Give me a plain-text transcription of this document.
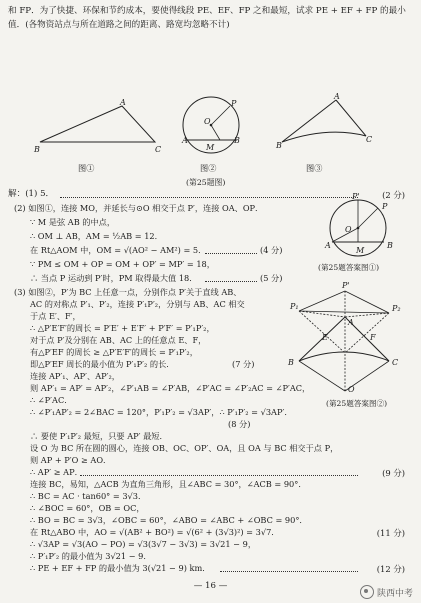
和 FP．为了快捷、环保和节约成本，要使得线段 PE、EF、FP 之和最短，试求 PE + EF + FP 的最小
值．(各物资站点与所在道路之间的距离、路宽均忽略不计)
B
A
C
图①
O
P
A	B
M
图②
A
B
C
图③
(第25题图)
解：(1) 5．	(2 分)
(2) 如图①，连接 MO，并延长与⊙O 相交于点 P′，连接 OA、OP．
∵ M 是弦 AB 的中点，
∴ OM ⊥ AB，AM = ½AB = 12．
在 Rt△AOM 中，OM = √(AO² − AM²) = 5．	(4 分)
∵ PM ≤ OM + OP = OM + OP′ = MP′ = 18，
∴ 当点 P 运动到 P′时，PM 取得最大值 18．	(5 分)
P'
P
O
A	B
M
(第25题答案图①)
(3) 如图②，P′为 BC 上任意一点，分别作点 P′关于直线 AB、
AC 的对称点 P′₁、P′₂，连接 P′₁P′₂，分别与 AB、AC 相交
于点 E′、F′，
∴ △P′E′F′的周长 = P′E′ + E′F′ + P′F′ = P′₁P′₂，
对于点 P′及分别在 AB、AC 上的任意点 E、F，
有△P′EF 的周长 ≥ △P′E′F′的周长 = P′₁P′₂，
即△P′EF 周长的最小值为 P′₁P′₂ 的长．	(7 分)
连接 AP′₁、AP′、AP′₂，
则 AP′₁ = AP′ = AP′₂，∠P′₁AB = ∠P′AB，∠P′AC = ∠P′₂AC = ∠P′AC，
∴ ∠P′AC．
∴ ∠P′₁AP′₂ = 2∠BAC = 120°，P′₁P′₂ = √3AP′，∴ P′₁P′₂ = √3AP′．
(8 分)
P'
P₁	P₂
A
E	F
O
B	C
(第25题答案图②)
∴ 要使 P′₁P′₂ 最短，只要 AP′ 最短．
设 O 为 BC 所在圆的圆心，连接 OB、OC、OP′、OA，且 OA 与 BC 相交于点 P，
则 AP + P′O ≥ AO．
∴ AP′ ≥ AP．	(9 分)
连接 BC，易知，△ACB 为直角三角形，且∠ABC = 30°，∠ACB = 90°．
∴ BC = AC · tan60° = 3√3．
∴ ∠BOC = 60°，OB = OC，
∴ BO = BC = 3√3，∠OBC = 60°，∠ABO = ∠ABC + ∠OBC = 90°．
在 Rt△ABO 中，AO = √(AB² + BO²) = √(6² + (3√3)²) = 3√7．	(11 分)
∴ √3AP = √3(AO − PO) = √3(3√7 − 3√3) = 3√21 − 9，
∴ P′₁P′₂ 的最小值为 3√21 − 9．
∴ PE + EF + FP 的最小值为 3(√21 − 9) km．	(12 分)
— 16 —
陕西中考
